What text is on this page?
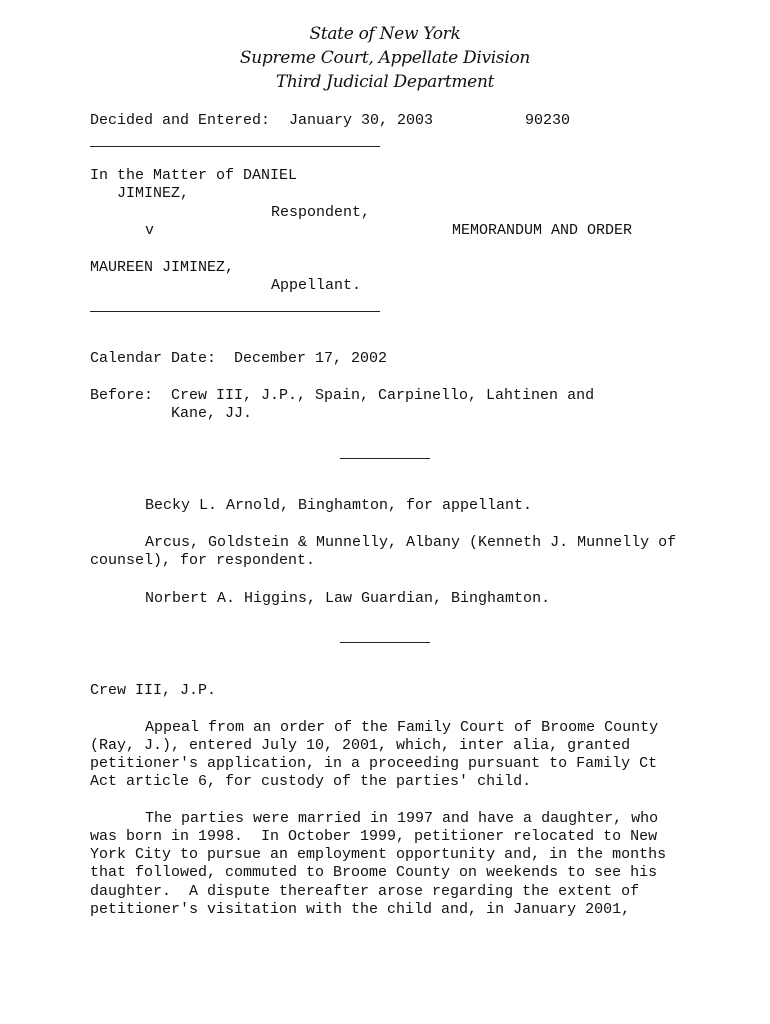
State of New York
Supreme Court, Appellate Division
Third Judicial Department
Decided and Entered: January 30, 2003	90230
In the Matter of DANIEL
JIMINEZ,
Respondent,
v	MEMORANDUM AND ORDER
MAUREEN JIMINEZ,
Appellant.
Calendar Date: December 17, 2002
Before: Crew III, J.P., Spain, Carpinello, Lahtinen and
Kane, JJ.
Becky L. Arnold, Binghamton, for appellant.
Arcus, Goldstein & Munnelly, Albany (Kenneth J. Munnelly of
counsel), for respondent.
Norbert A. Higgins, Law Guardian, Binghamton.
Crew III, J.P.
Appeal from an order of the Family Court of Broome County
(Ray, J.), entered July 10, 2001, which, inter alia, granted
petitioner's application, in a proceeding pursuant to Family Ct
Act article 6, for custody of the parties' child.
The parties were married in 1997 and have a daughter, who
was born in 1998.  In October 1999, petitioner relocated to New
York City to pursue an employment opportunity and, in the months
that followed, commuted to Broome County on weekends to see his
daughter.  A dispute thereafter arose regarding the extent of
petitioner's visitation with the child and, in January 2001,
